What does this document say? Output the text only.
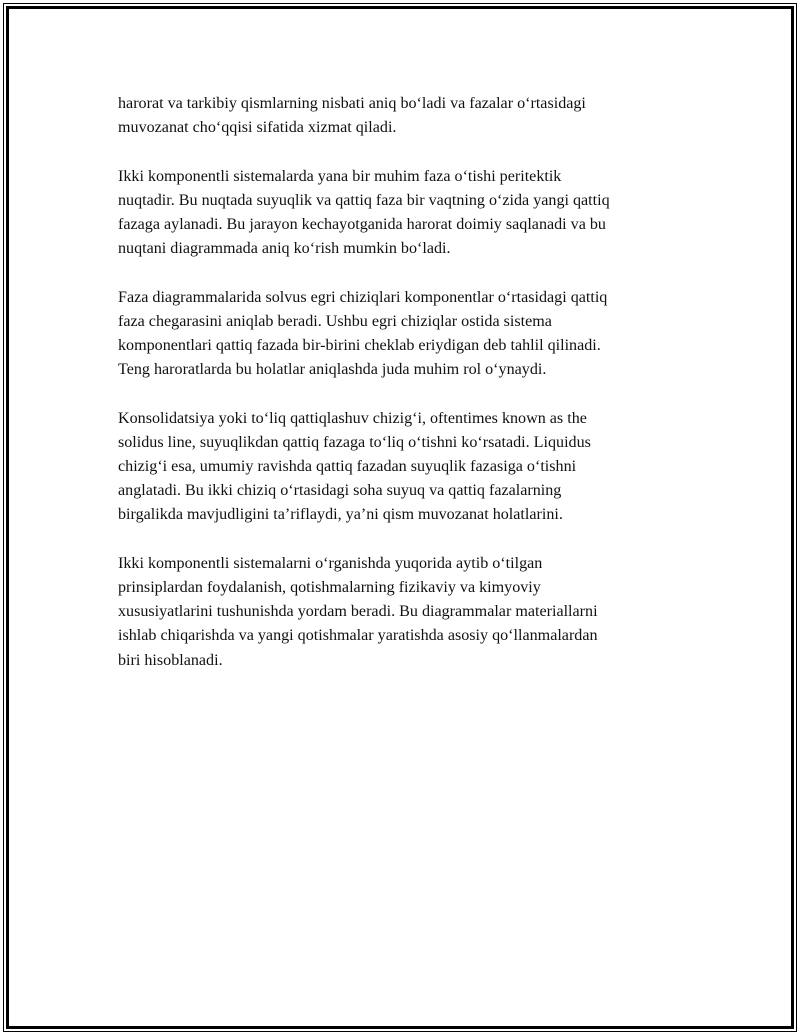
harorat va tarkibiy qismlarning nisbati aniq bo‘ladi va fazalar o‘rtasidagi
muvozanat cho‘qqisi sifatida xizmat qiladi.

Ikki komponentli sistemalarda yana bir muhim faza o‘tishi peritektik
nuqtadir. Bu nuqtada suyuqlik va qattiq faza bir vaqtning o‘zida yangi qattiq
fazaga aylanadi. Bu jarayon kechayotganida harorat doimiy saqlanadi va bu
nuqtani diagrammada aniq ko‘rish mumkin bo‘ladi.

Faza diagrammalarida solvus egri chiziqlari komponentlar o‘rtasidagi qattiq
faza chegarasini aniqlab beradi. Ushbu egri chiziqlar ostida sistema
komponentlari qattiq fazada bir-birini cheklab eriydigan deb tahlil qilinadi.
Teng haroratlarda bu holatlar aniqlashda juda muhim rol o‘ynaydi.

Konsolidatsiya yoki to‘liq qattiqlashuv chizig‘i, oftentimes known as the
solidus line, suyuqlikdan qattiq fazaga to‘liq o‘tishni ko‘rsatadi. Liquidus
chizig‘i esa, umumiy ravishda qattiq fazadan suyuqlik fazasiga o‘tishni
anglatadi. Bu ikki chiziq o‘rtasidagi soha suyuq va qattiq fazalarning
birgalikda mavjudligini ta’riflaydi, ya’ni qism muvozanat holatlarini.

Ikki komponentli sistemalarni o‘rganishda yuqorida aytib o‘tilgan
prinsiplardan foydalanish, qotishmalarning fizikaviy va kimyoviy
xususiyatlarini tushunishda yordam beradi. Bu diagrammalar materiallarni
ishlab chiqarishda va yangi qotishmalar yaratishda asosiy qo‘llanmalardan
biri hisoblanadi.
